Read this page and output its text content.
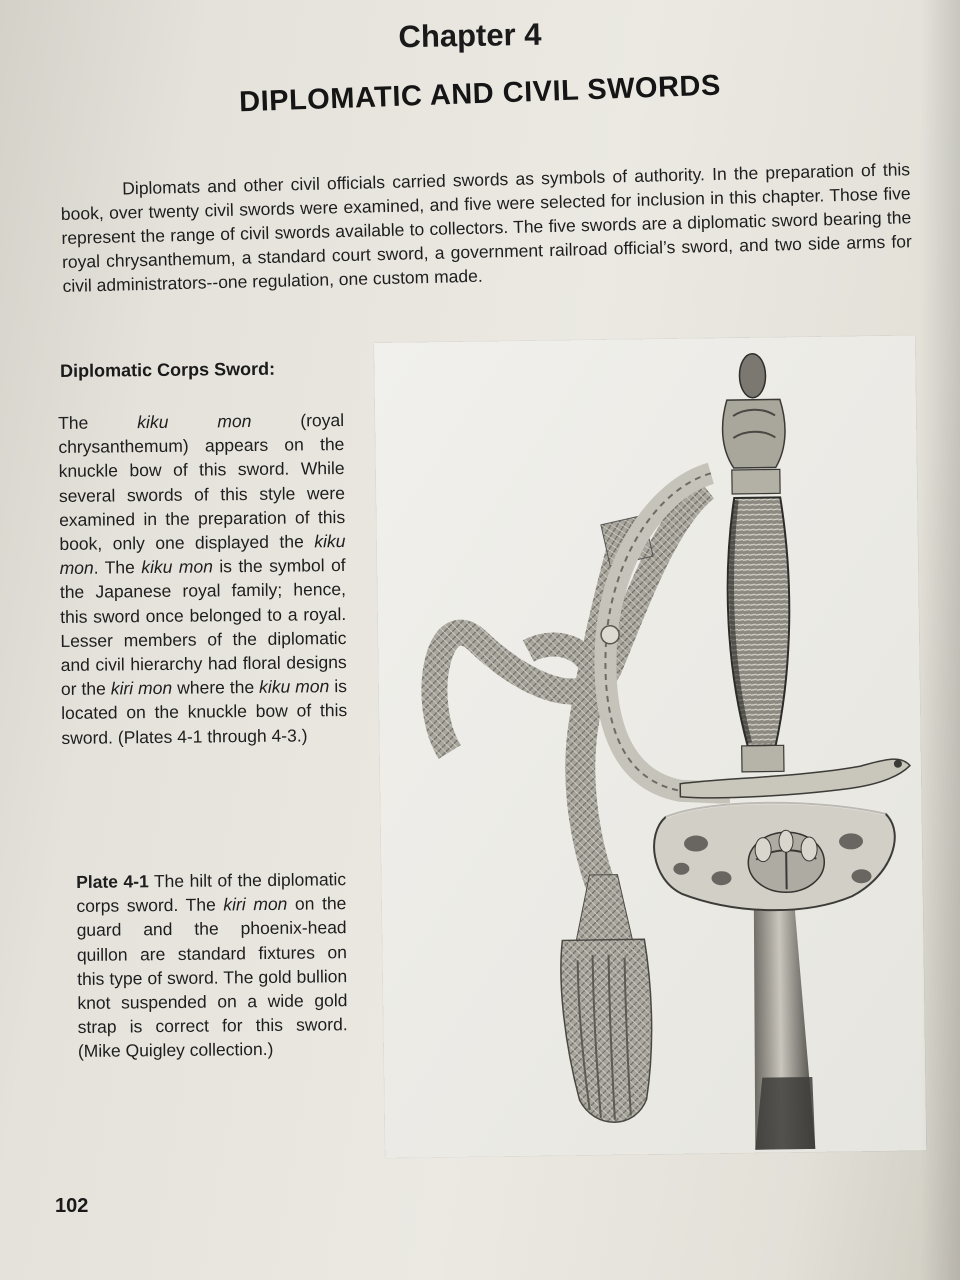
Chapter 4
DIPLOMATIC AND CIVIL SWORDS

Diplomats and other civil officials carried swords as symbols of authority. In the preparation of this book, over twenty civil swords were examined, and five were selected for inclusion in this chapter. Those five represent the range of civil swords available to collectors. The five swords are a diplomatic sword bearing the royal chrysanthemum, a standard court sword, a government railroad official’s sword, and two side arms for civil administrators--one regulation, one custom made.

Diplomatic Corps Sword:

The kiku mon (royal chrysanthemum) appears on the knuckle bow of this sword. While several swords of this style were examined in the preparation of this book, only one displayed the kiku mon. The kiku mon is the symbol of the Japanese royal family; hence, this sword once belonged to a royal. Lesser members of the diplomatic and civil hierarchy had floral designs or the kiri mon where the kiku mon is located on the knuckle bow of this sword. (Plates 4-1 through 4-3.)

Plate 4-1 The hilt of the diplomatic corps sword. The kiri mon on the guard and the phoenix-head quillon are standard fixtures on this type of sword. The gold bullion knot suspended on a wide gold strap is correct for this sword. (Mike Quigley collection.)

102
